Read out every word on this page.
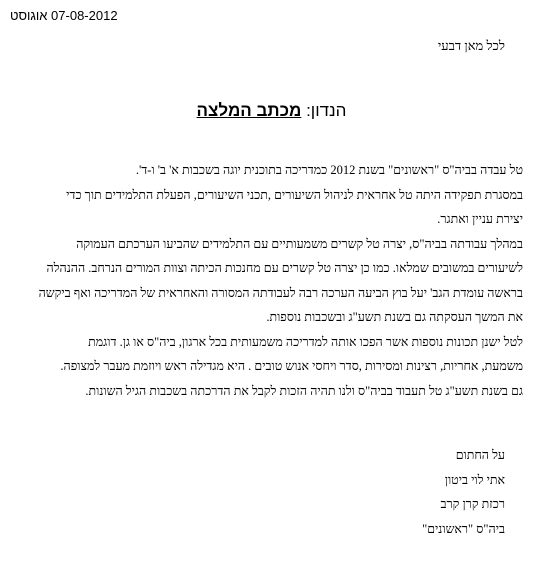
07-08-2012 אוגוסט
לכל מאן דבעי
הנדון: מכתב המלצה
טל עבדה בביה"ס "ראשונים" בשנת 2012 כמדריכה בתוכנית יוגה בשכבות א' ב' ו-ד'.
במסגרת תפקידה היתה טל אחראית לניהול השיעורים ,תכני השיעורים, הפעלת התלמידים תוך כדי
יצירת עניין ואתגר.
במהלך עבודתה בביה"ס, יצרה טל קשרים משמעותיים עם התלמידים שהביעו הערכתם העמוקה
לשיעורים במשובים שמלאו. כמו כן יצרה טל קשרים עם מחנכות הכיתה וצוות המורים הנרחב. ההנהלה
בראשה עומדת הגב' יעל בוץ הביעה הערכה רבה לעבודתה המסורה והאחראית של המדריכה ואף ביקשה
את המשך העסקתה גם בשנת תשע"ג ובשכבות נוספות.
לטל ישנן תכונות נוספות אשר הפכו אותה למדריכה משמעותית בכל ארגון, ביה"ס או גן. דוגמת
משמעת, אחריות, רצינות ומסירות ,סדר ויחסי אנוש טובים . היא מגדילה ראש ויוזמת מעבר למצופה.
גם בשנת תשע"ג טל תעבוד בביה"ס ולנו תהיה הזכות לקבל את הדרכתה בשכבות הגיל השונות.
על החתום
אתי לוי ביטון
רכזת קרן קרב
ביה"ס "ראשונים"
